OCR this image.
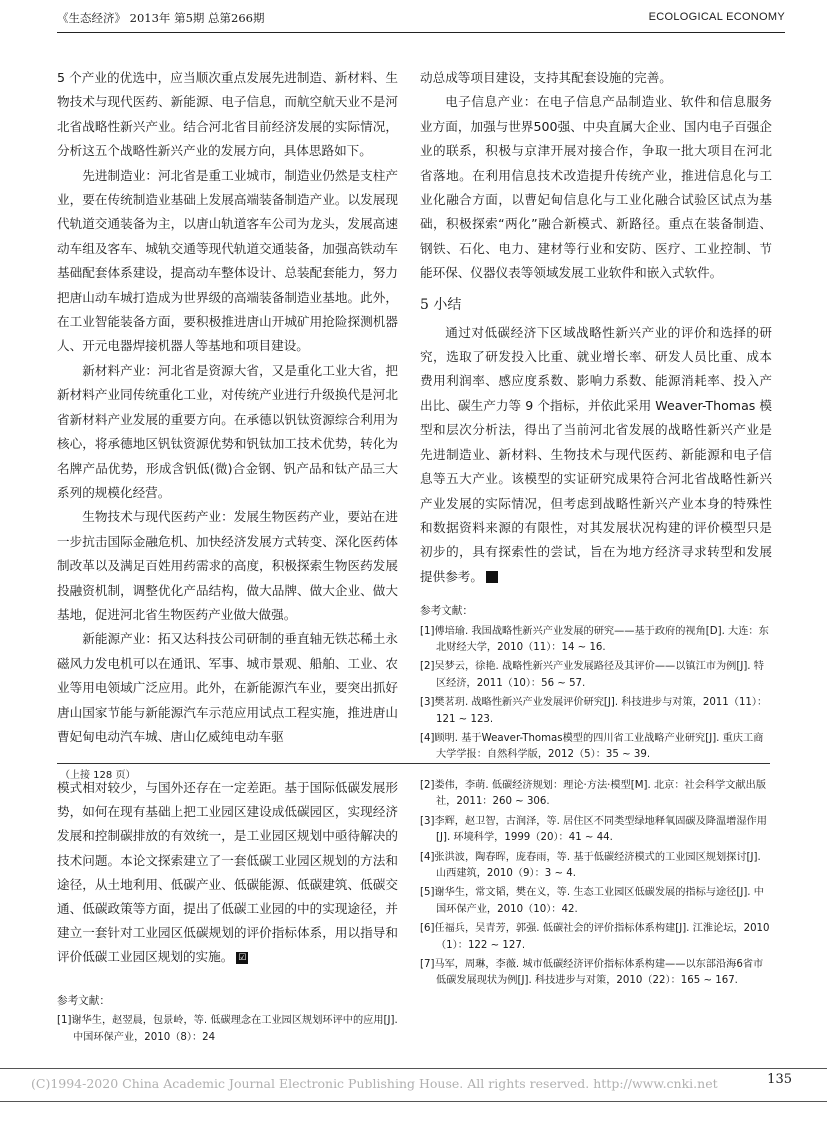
《生态经济》 2013年 第5期 总第266期	ECOLOGICAL ECONOMY

5 个产业的优选中，应当顺次重点发展先进制造、新材料、生物技术与现代医药、新能源、电子信息，而航空航天业不是河北省战略性新兴产业。结合河北省目前经济发展的实际情况，分析这五个战略性新兴产业的发展方向，具体思路如下。

先进制造业：河北省是重工业城市，制造业仍然是支柱产业，要在传统制造业基础上发展高端装备制造产业。以发展现代轨道交通装备为主，以唐山轨道客车公司为龙头，发展高速动车组及客车、城轨交通等现代轨道交通装备，加强高铁动车基础配套体系建设，提高动车整体设计、总装配套能力，努力把唐山动车城打造成为世界级的高端装备制造业基地。此外，在工业智能装备方面，要积极推进唐山开城矿用抢险探测机器人、开元电器焊接机器人等基地和项目建设。

新材料产业：河北省是资源大省，又是重化工业大省，把新材料产业同传统重化工业，对传统产业进行升级换代是河北省新材料产业发展的重要方向。在承德以钒钛资源综合利用为核心，将承德地区钒钛资源优势和钒钛加工技术优势，转化为名牌产品优势，形成含钒低(微)合金钢、钒产品和钛产品三大系列的规模化经营。

生物技术与现代医药产业：发展生物医药产业，要站在进一步抗击国际金融危机、加快经济发展方式转变、深化医药体制改革以及满足百姓用药需求的高度，积极探索生物医药发展投融资机制，调整优化产品结构，做大品牌、做大企业、做大基地，促进河北省生物医药产业做大做强。

新能源产业：拓又达科技公司研制的垂直轴无铁芯稀土永磁风力发电机可以在通讯、军事、城市景观、船舶、工业、农业等用电领域广泛应用。此外，在新能源汽车业，要突出抓好唐山国家节能与新能源汽车示范应用试点工程实施，推进唐山曹妃甸电动汽车城、唐山亿威纯电动车驱

动总成等项目建设，支持其配套设施的完善。

电子信息产业：在电子信息产品制造业、软件和信息服务业方面，加强与世界500强、中央直属大企业、国内电子百强企业的联系，积极与京津开展对接合作，争取一批大项目在河北省落地。在利用信息技术改造提升传统产业，推进信息化与工业化融合方面，以曹妃甸信息化与工业化融合试验区试点为基础，积极探索“两化”融合新模式、新路径。重点在装备制造、钢铁、石化、电力、建材等行业和安防、医疗、工业控制、节能环保、仪器仪表等领域发展工业软件和嵌入式软件。

5 小结

通过对低碳经济下区域战略性新兴产业的评价和选择的研究，选取了研发投入比重、就业增长率、研发人员比重、成本费用利润率、感应度系数、影响力系数、能源消耗率、投入产出比、碳生产力等 9 个指标，并依此采用 Weaver-Thomas 模型和层次分析法，得出了当前河北省发展的战略性新兴产业是先进制造业、新材料、生物技术与现代医药、新能源和电子信息等五大产业。该模型的实证研究成果符合河北省战略性新兴产业发展的实际情况，但考虑到战略性新兴产业本身的特殊性和数据资料来源的有限性，对其发展状况构建的评价模型只是初步的，具有探索性的尝试，旨在为地方经济寻求转型和发展提供参考。	☑

参考文献：
[1]傅培瑜. 我国战略性新兴产业发展的研究——基于政府的视角[D]. 大连：东北财经大学，2010（11）：14 ~ 16.
[2]吴梦云，徐艳. 战略性新兴产业发展路径及其评价——以镇江市为例[J]. 特区经济，2011（10）：56 ~ 57.
[3]樊茗玥. 战略性新兴产业发展评价研究[J]. 科技进步与对策，2011（11）：121 ~ 123.
[4]顾明. 基于Weaver-Thomas模型的四川省工业战略产业研究[J]. 重庆工商大学学报：自然科学版，2012（5）：35 ~ 39.
（上接 128 页）
模式相对较少，与国外还存在一定差距。基于国际低碳发展形势，如何在现有基础上把工业园区建设成低碳园区，实现经济发展和控制碳排放的有效统一，是工业园区规划中亟待解决的技术问题。本论文探索建立了一套低碳工业园区规划的方法和途径，从土地利用、低碳产业、低碳能源、低碳建筑、低碳交通、低碳政策等方面，提出了低碳工业园的中的实现途径，并建立一套针对工业园区低碳规划的评价指标体系，用以指导和评价低碳工业园区规划的实施。 ☑
参考文献：
[1]谢华生，赵翌晨，包景岭，等. 低碳理念在工业园区规划环评中的应用[J]. 中国环保产业，2010（8）：24
[2]娄伟，李萌. 低碳经济规划：理论·方法·模型[M]. 北京：社会科学文献出版社，2011：260 ~ 306.
[3]李辉，赵卫智，古润泽，等. 居住区不同类型绿地释氧固碳及降温增湿作用[J]. 环境科学，1999（20）：41 ~ 44.
[4]张洪波，陶春晖，庞春雨，等. 基于低碳经济模式的工业园区规划探讨[J]. 山西建筑，2010（9）：3 ~ 4.
[5]谢华生，常文韬，樊在义，等. 生态工业园区低碳发展的指标与途径[J]. 中国环保产业，2010（10）：42.
[6]任福兵，吴青芳，郭强. 低碳社会的评价指标体系构建[J]. 江淮论坛，2010（1）：122 ~ 127.
[7]马军，周琳，李薇. 城市低碳经济评价指标体系构建——以东部沿海6省市低碳发展现状为例[J]. 科技进步与对策，2010（22）：165 ~ 167.
(C)1994-2020 China Academic Journal Electronic Publishing House. All rights reserved. http://www.cnki.net	135
